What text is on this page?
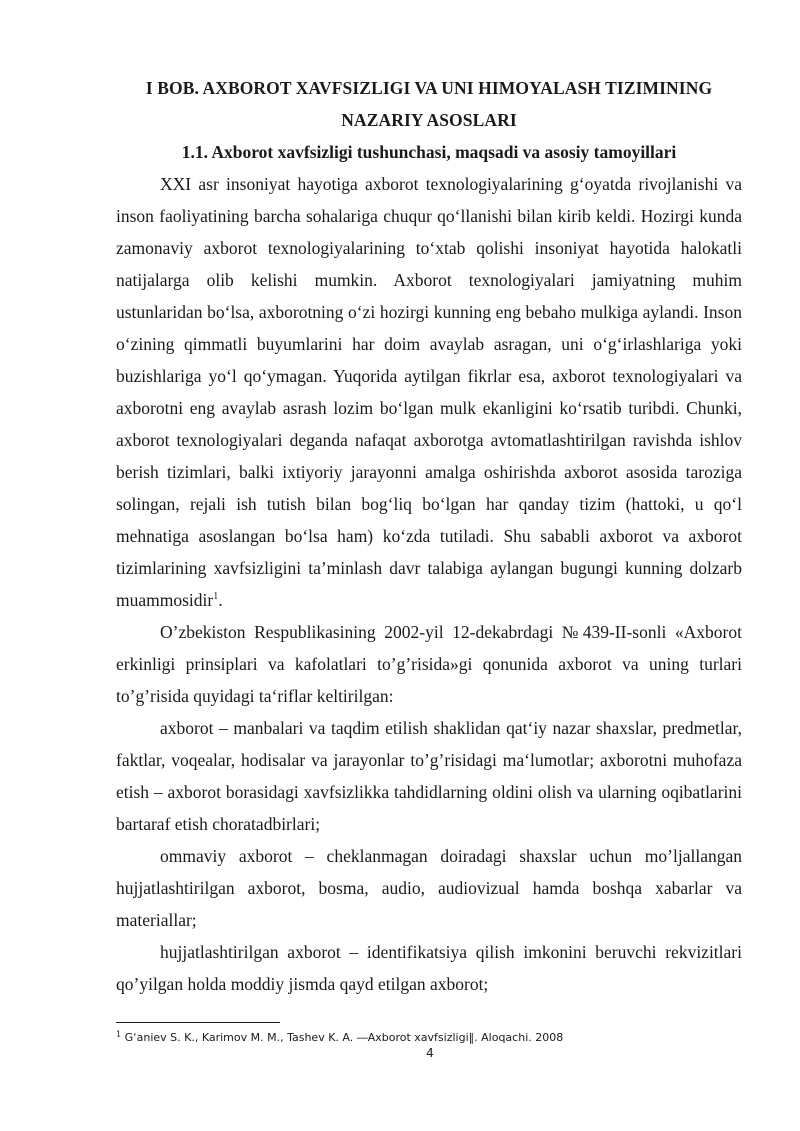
I BOB. AXBOROT XAVFSIZLIGI VA UNI HIMOYALASH TIZIMINING NAZARIY ASOSLARI
1.1. Axborot xavfsizligi tushunchasi, maqsadi va asosiy tamoyillari

XXI asr insoniyat hayotiga axborot texnologiyalarining g‘oyatda rivojlanishi va inson faoliyatining barcha sohalariga chuqur qo‘llanishi bilan kirib keldi. Hozirgi kunda zamonaviy axborot texnologiyalarining to‘xtab qolishi insoniyat hayotida halokatli natijalarga olib kelishi mumkin. Axborot texnologiyalari jamiyatning muhim ustunlaridan bo‘lsa, axborotning o‘zi hozirgi kunning eng bebaho mulkiga aylandi. Inson o‘zining qimmatli buyumlarini har doim avaylab asragan, uni o‘g‘irlashlariga yoki buzishlariga yo‘l qo‘ymagan. Yuqorida aytilgan fikrlar esa, axborot texnologiyalari va axborotni eng avaylab asrash lozim bo‘lgan mulk ekanligini ko‘rsatib turibdi. Chunki, axborot texnologiyalari deganda nafaqat axborotga avtomatlashtirilgan ravishda ishlov berish tizimlari, balki ixtiyoriy jarayonni amalga oshirishda axborot asosida taroziga solingan, rejali ish tutish bilan bog‘liq bo‘lgan har qanday tizim (hattoki, u qo‘l mehnatiga asoslangan bo‘lsa ham) ko‘zda tutiladi. Shu sababli axborot va axborot tizimlarining xavfsizligini ta’minlash davr talabiga aylangan bugungi kunning dolzarb muammosidir$^1$.

O’zbekiston Respublikasining 2002-yil 12-dekabrdagi №439-II-sonli «Axborot erkinligi prinsiplari va kafolatlari to’g’risida»gi qonunida axborot va uning turlari to’g’risida quyidagi ta‘riflar keltirilgan:

axborot – manbalari va taqdim etilish shaklidan qat‘iy nazar shaxslar, predmetlar, faktlar, voqealar, hodisalar va jarayonlar to’g’risidagi ma‘lumotlar; axborotni muhofaza etish – axborot borasidagi xavfsizlikka tahdidlarning oldini olish va ularning oqibatlarini bartaraf etish choratadbirlari;

ommaviy axborot – cheklanmagan doiradagi shaxslar uchun mo’ljallangan hujjatlashtirilgan axborot, bosma, audio, audiovizual hamda boshqa xabarlar va materiallar;

hujjatlashtirilgan axborot – identifikatsiya qilish imkonini beruvchi rekvizitlari qo’yilgan holda moddiy jismda qayd etilgan axborot;

$^1$ G‘aniev S. K., Karimov M. M., Tashev K. A. ―Axborot xavfsizligi‖. Aloqachi. 2008
4
